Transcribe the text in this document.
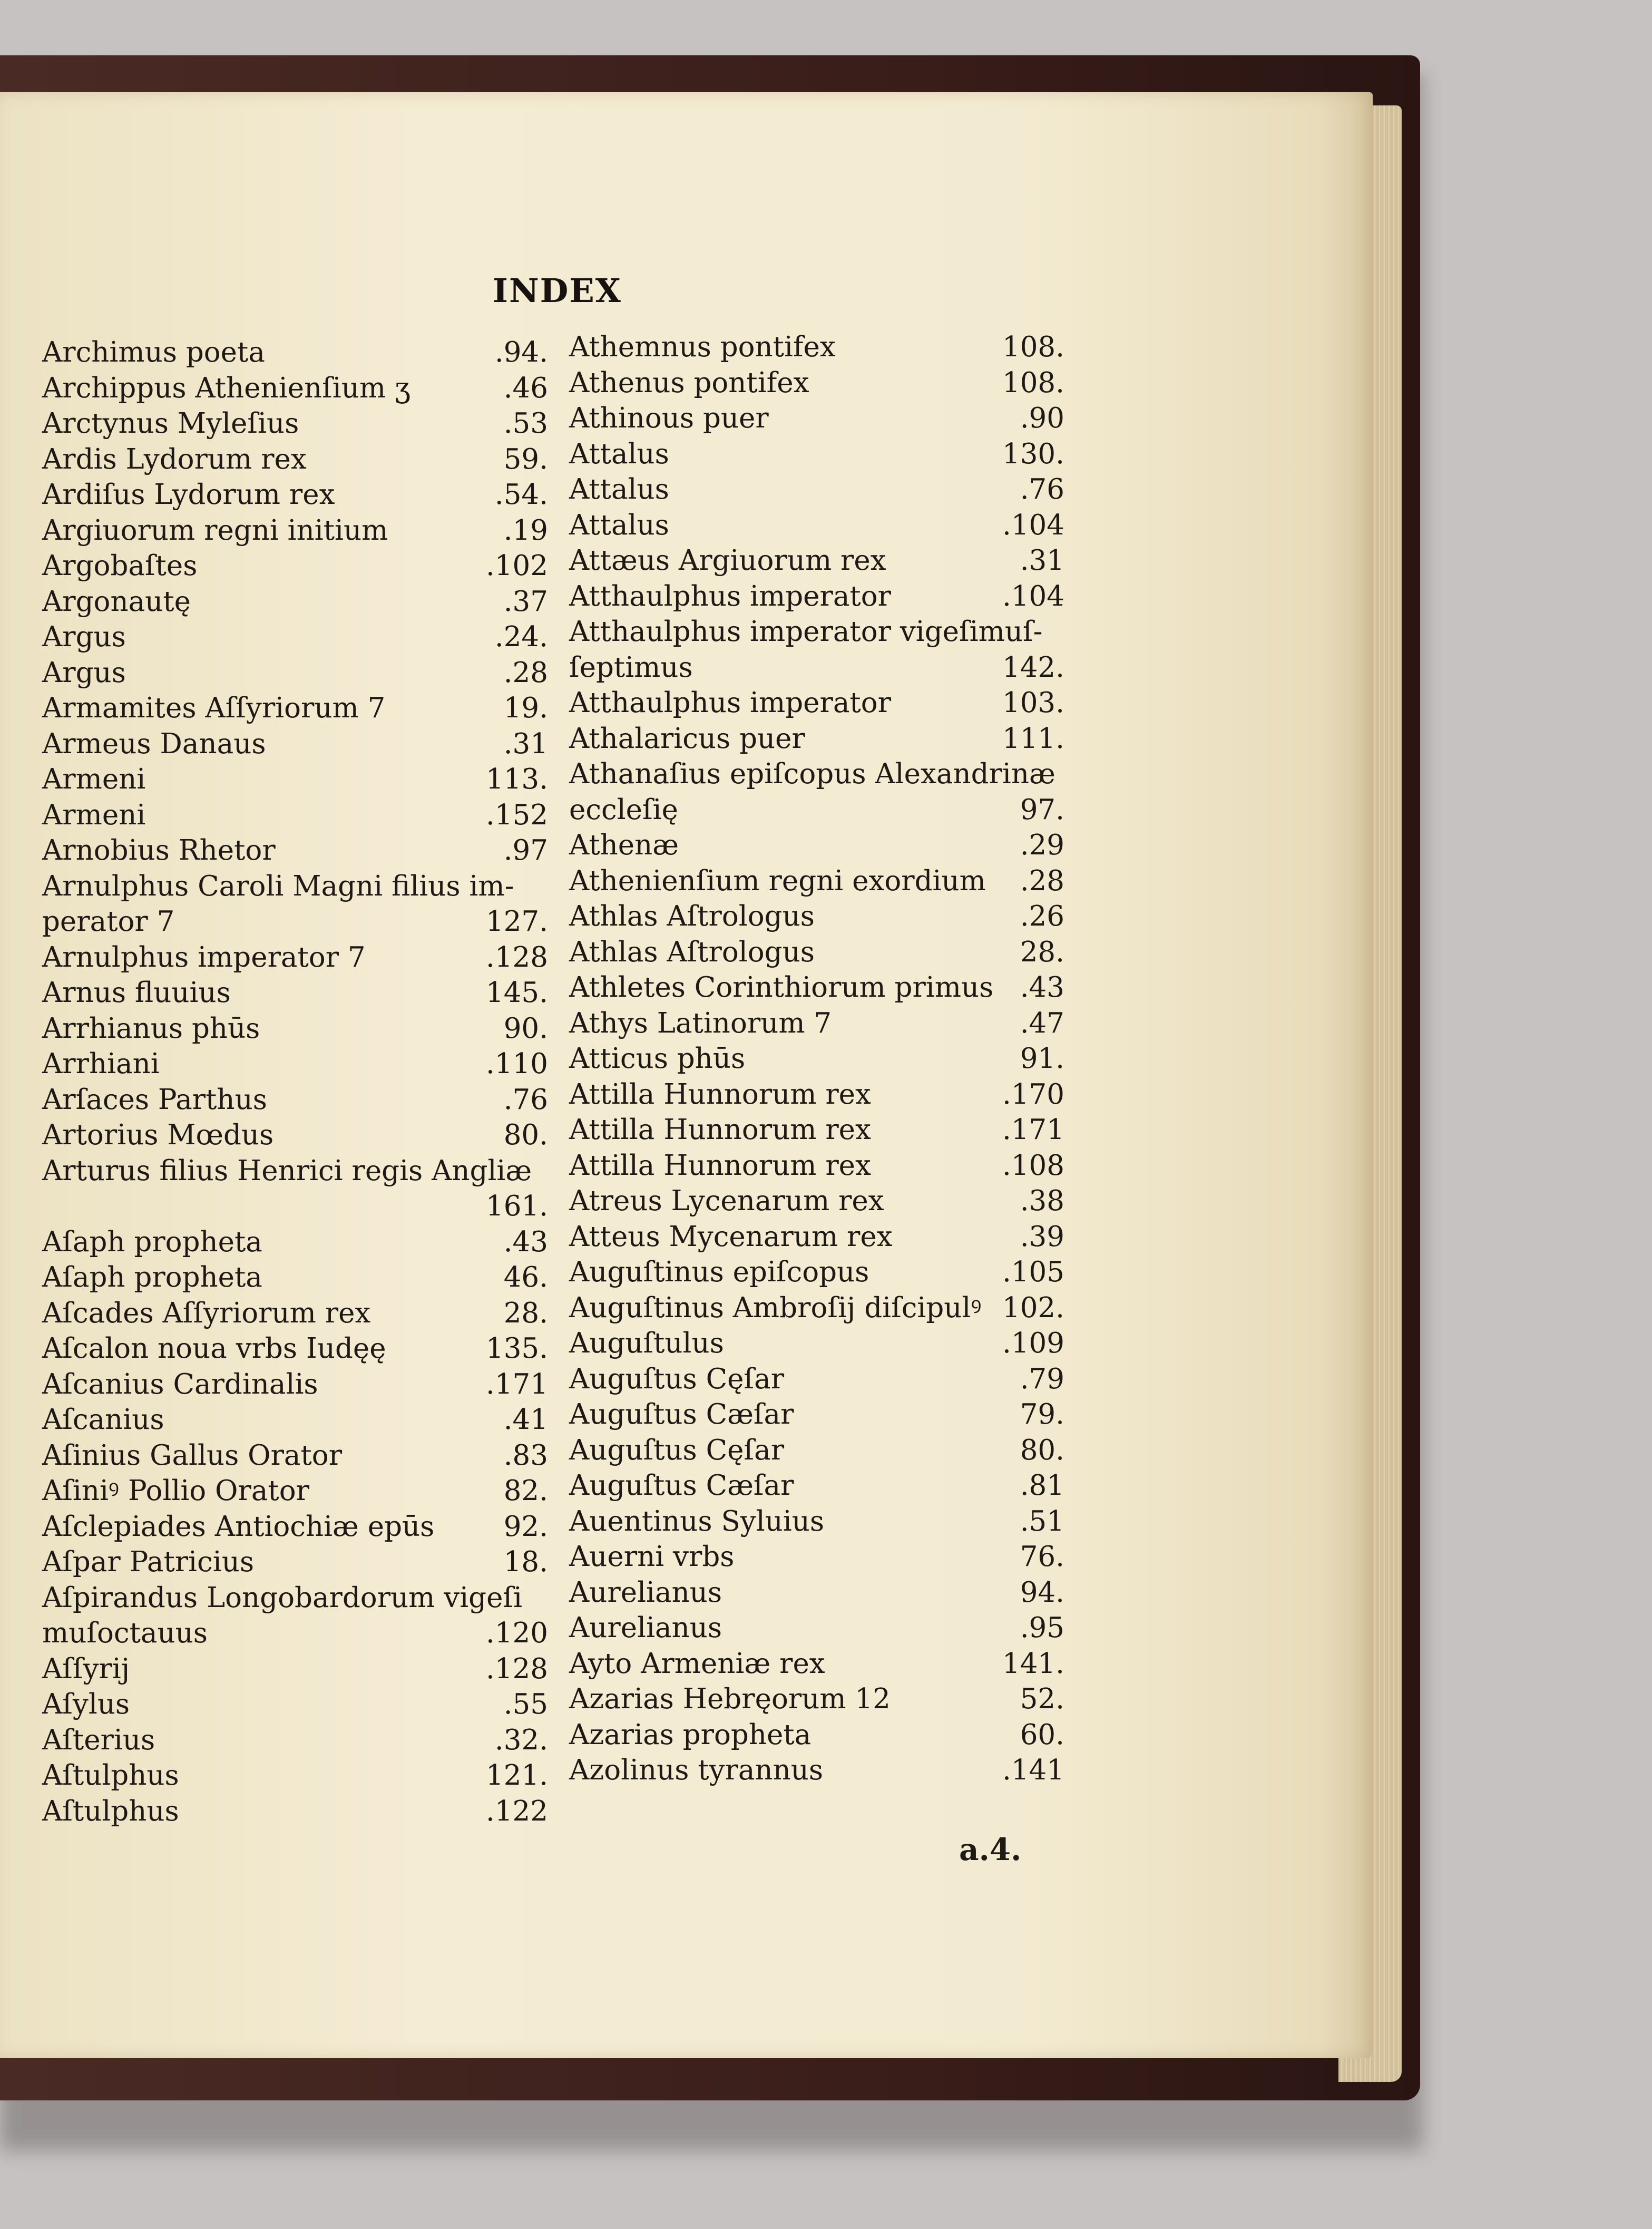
INDEX
Archimus poeta	.94.
Archippus Athenienſium ʒ	.46
Arctynus Myleſius	.53
Ardis Lydorum rex	59.
Ardiſus Lydorum rex	.54.
Argiuorum regni initium	.19
Argobaſtes	.102
Argonautę	.37
Argus	.24.
Argus	.28
Armamites Aſſyriorum 7	19.
Armeus Danaus	.31
Armeni	113.
Armeni	.152
Arnobius Rhetor	.97
Arnulphus Caroli Magni filius im-
perator 7	127.
Arnulphus imperator 7	.128
Arnus fluuius	145.
Arrhianus phūs	90.
Arrhiani	.110
Arſaces Parthus	.76
Artorius Mœdus	80.
Arturus filius Henrici regis Angliæ
161.
Aſaph propheta	.43
Aſaph propheta	46.
Aſcades Aſſyriorum rex	28.
Aſcalon noua vrbs Iudęę	135.
Aſcanius Cardinalis	.171
Aſcanius	.41
Aſinius Gallus Orator	.83
Aſiniꝰ Pollio Orator	82.
Aſclepiades Antiochiæ epūs 92.
Aſpar Patricius	18.
Aſpirandus Longobardorum vigeſi
muſoctauus	.120
Aſſyrij	.128
Aſylus	.55
Aſterius	.32.
Aſtulphus	121.
Aſtulphus	.122
Athemnus pontifex	108.
Athenus pontifex	108.
Athinous puer	.90
Attalus	130.
Attalus	.76
Attalus	.104
Attæus Argiuorum rex	.31
Atthaulphus imperator	.104
Atthaulphus imperator vigeſimuſ-
ſeptimus	142.
Atthaulphus imperator	103.
Athalaricus puer	111.
Athanaſius epiſcopus Alexandrinæ
eccleſię	97.
Athenæ	.29
Athenienſium regni exordium .28
Athlas Aſtrologus	.26
Athlas Aſtrologus	28.
Athletes Corinthiorum primus .43
Athys Latinorum 7	.47
Atticus phūs	91.
Attilla Hunnorum rex	.170
Attilla Hunnorum rex	.171
Attilla Hunnorum rex	.108
Atreus Lycenarum rex	.38
Atteus Mycenarum rex	.39
Auguſtinus epiſcopus	.105
Auguſtinus Ambroſij diſcipulꝰ 102.
Auguſtulus	.109
Auguſtus Cęſar	.79
Auguſtus Cæſar	79.
Auguſtus Cęſar	80.
Auguſtus Cæſar	.81
Auentinus Syluius	.51
Auerni vrbs	76.
Aurelianus	94.
Aurelianus	.95
Ayto Armeniæ rex	141.
Azarias Hebręorum 12	52.
Azarias propheta	60.
Azolinus tyrannus	.141
a.4.
